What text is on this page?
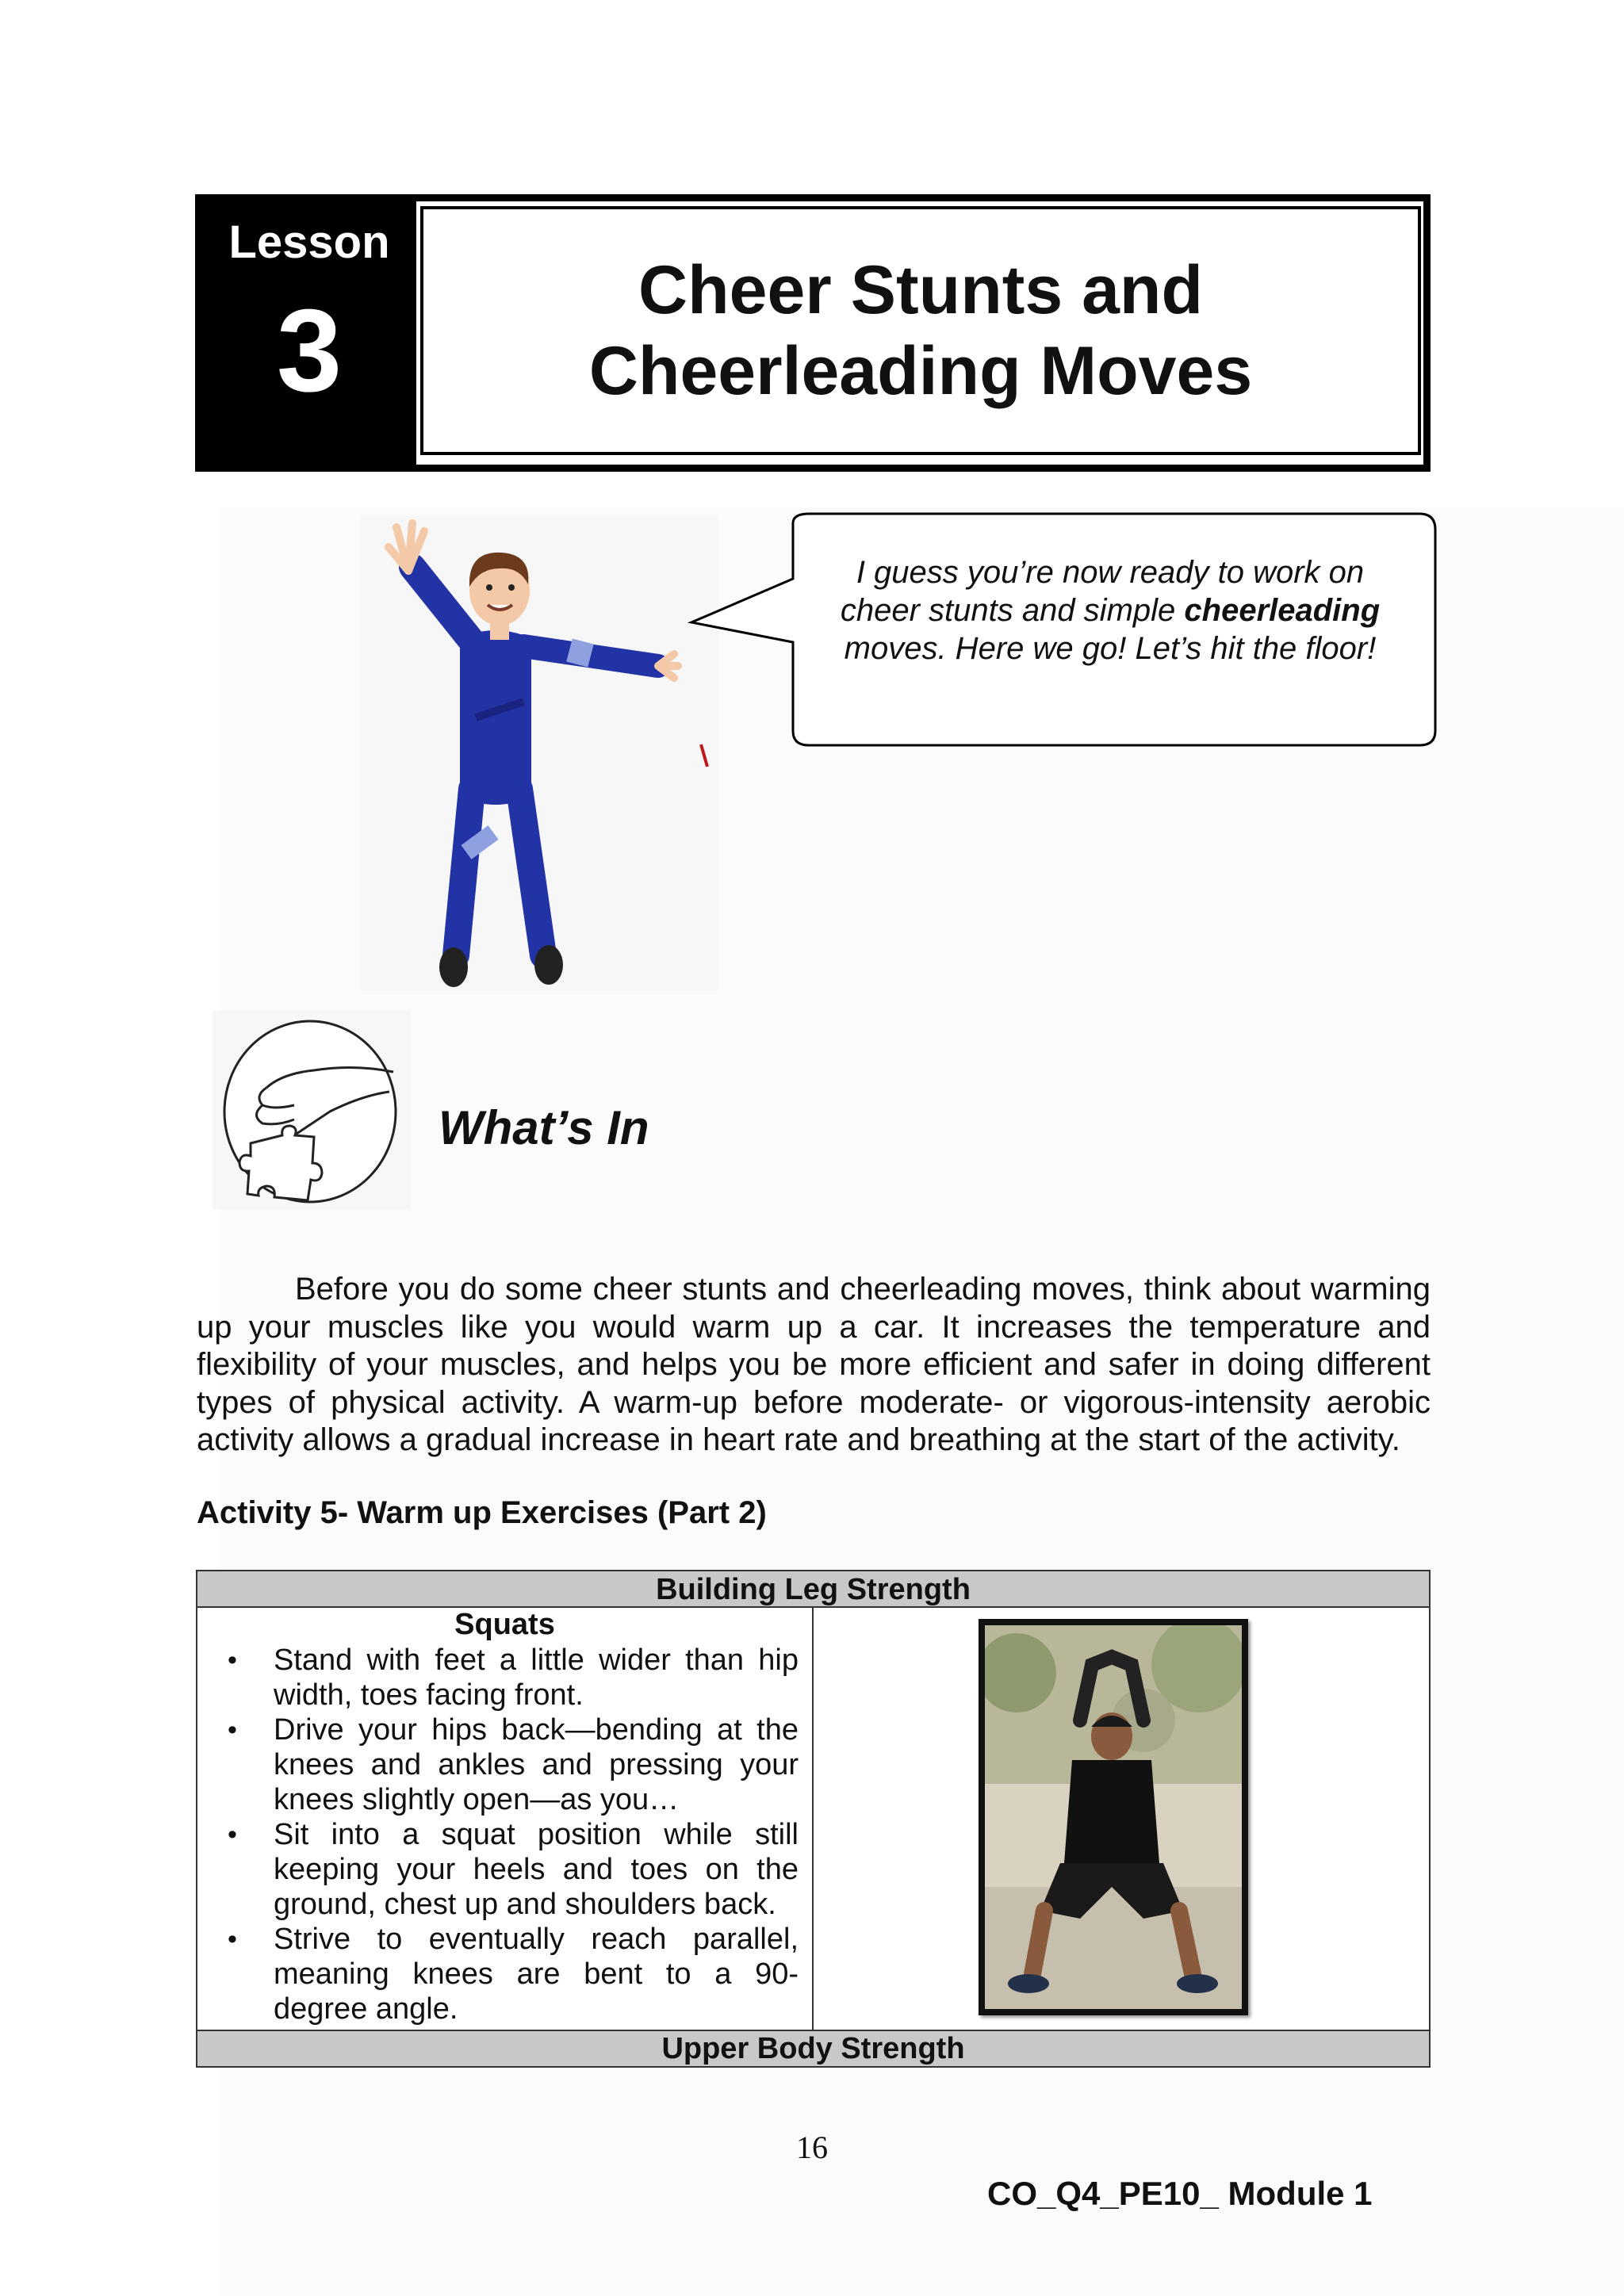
Lesson
3	Cheer Stunts and
Cheerleading Moves
I guess you’re now ready to work on
cheer stunts and simple cheerleading
moves. Here we go! Let’s hit the floor!
What’s In

Before you do some cheer stunts and cheerleading moves, think about warming up your muscles like you would warm up a car. It increases the temperature and flexibility of your muscles, and helps you be more efficient and safer in doing different types of physical activity. A warm-up before moderate- or vigorous-intensity aerobic activity allows a gradual increase in heart rate and breathing at the start of the activity.

Activity 5- Warm up Exercises (Part 2)
Building Leg Strength
Squats
• Stand with feet a little wider than hip width, toes facing front.
• Drive your hips back—bending at the knees and ankles and pressing your knees slightly open—as you…
• Sit into a squat position while still keeping your heels and toes on the ground, chest up and shoulders back.
• Strive to eventually reach parallel, meaning knees are bent to a 90-degree angle.
Upper Body Strength
16
CO_Q4_PE10_ Module 1
